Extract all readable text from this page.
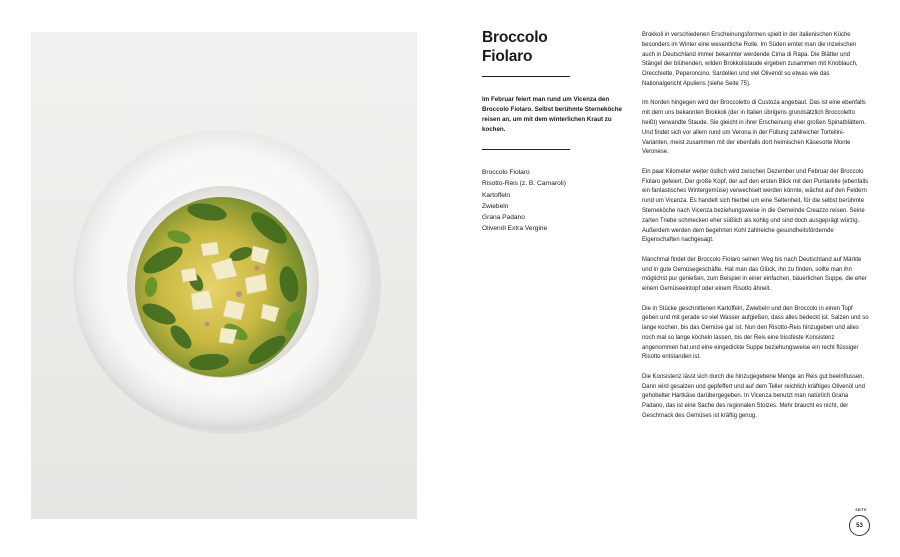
Broccolo
Fiolaro
Im Februar feiert man rund um Vicenza den Broccolo Fiolaro. Selbst berühmte Sterneköche reisen an, um mit dem winterlichen Kraut zu kochen.
Broccolo Fiolaro
Risotto-Reis (z. B. Carnaroli)
Kartoffeln
Zwiebeln
Grana Padano
Olivenöl Extra Vergine

Brokkoli in verschiedenen Erscheinungsformen spielt in der italienischen Küche besonders im Winter eine wesentliche Rolle. Im Süden erntet man die inzwischen auch in Deutschland immer bekannter werdende Cima di Rapa. Die Blätter und Stängel der blühenden, wilden Brokkolistaude ergeben zusammen mit Knoblauch, Orecchiette, Peperoncino, Sardellen und viel Olivenöl so etwas wie das Nationalgericht Apuliens (siehe Seite 75).

Im Norden hingegen wird der Broccoletto di Custoza angebaut. Das ist eine ebenfalls mit dem uns bekannten Brokkoli (der in Italien übrigens grundsätzlich Broccoletto heißt) verwandte Staude. Sie gleicht in ihrer Erscheinung eher großen Spinatblättern. Und findet sich vor allem rund um Verona in der Füllung zahlreicher Tortellini-Varianten, meist zusammen mit der ebenfalls dort heimischen Käsesorte Monte Veronese.

Ein paar Kilometer weiter östlich wird zwischen Dezember und Februar der Broccolo Fiolaro gefeiert. Der große Kopf, der auf den ersten Blick mit den Puntarelle (ebenfalls ein fantastisches Wintergemüse) verwechselt werden könnte, wächst auf den Feldern rund um Vicenza. Es handelt sich hierbei um eine Seltenheit, für die selbst berühmte Sterneköche nach Vicenza beziehungsweise in die Gemeinde Creazzo reisen. Seine zarten Triebe schmecken eher süßlich als kohlig und sind doch ausgeprägt würzig. Außerdem werden dem begehrten Kohl zahlreiche gesundheitsfördernde Eigenschaften nachgesagt.

Manchmal findet der Broccolo Fiolaro seinen Weg bis nach Deutschland auf Märkte und in gute Gemüsegeschäfte. Hat man das Glück, ihn zu finden, sollte man ihn möglichst pur genießen, zum Beispiel in einer einfachen, bäuerlichen Suppe, die eher einem Gemüseeintopf oder einem Risotto ähnelt.

Die in Stücke geschnittenen Kartoffeln, Zwiebeln und den Broccolo in einen Topf geben und mit gerade so viel Wasser aufgießen, dass alles bedeckt ist. Salzen und so lange kochen, bis das Gemüse gar ist. Nun den Risotto-Reis hinzugeben und alles noch mal so lange köcheln lassen, bis der Reis eine bissfeste Konsistenz angenommen hat und eine eingedickte Suppe beziehungsweise ein recht flüssiger Risotto entstanden ist.

Die Konsistenz lässt sich durch die hinzugegebene Menge an Reis gut beeinflussen. Dann wird gesalzen und gepfeffert und auf dem Teller reichlich kräftiges Olivenöl und gehobelter Hartkäse darübergegeben. In Vicenza benutzt man natürlich Grana Padano, das ist eine Sache des regionalen Stolzes. Mehr braucht es nicht, der Geschmack des Gemüses ist kräftig genug.

SEITE
53
